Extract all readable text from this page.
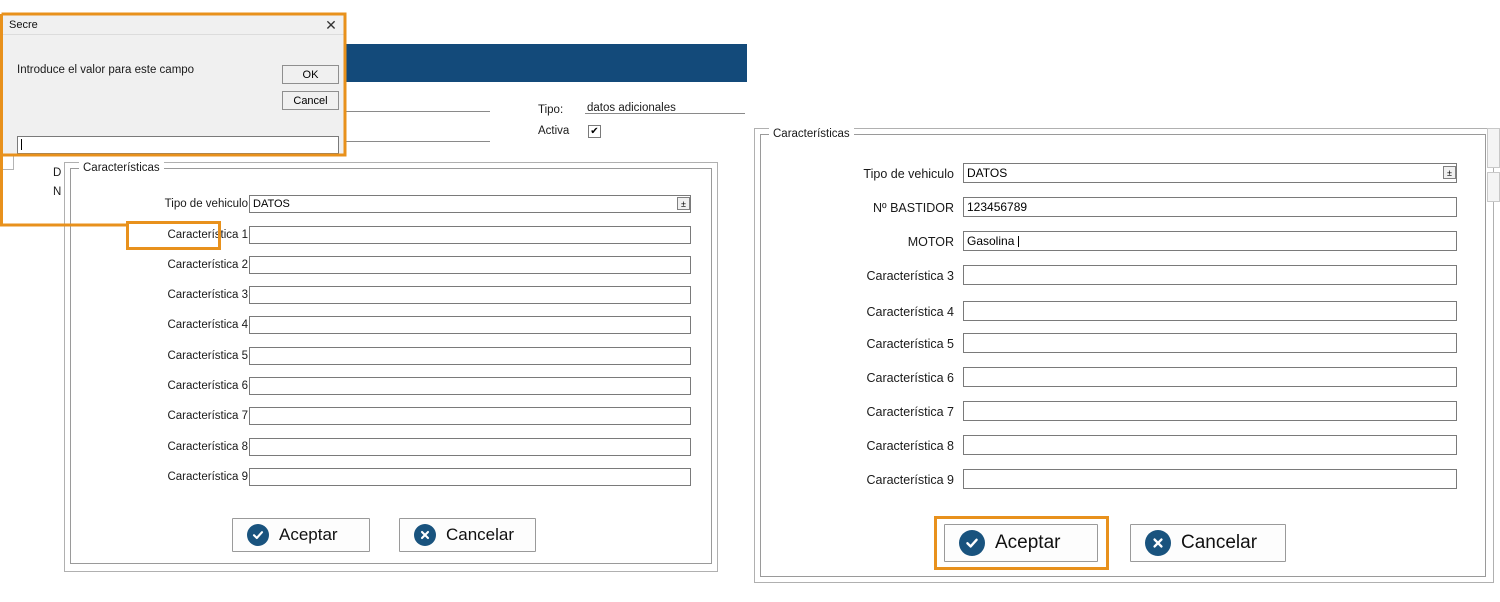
Tipo: datos adicionales
Activa ✔
D
N
Características
Tipo de vehiculo DATOS	±
Característica 1
Característica 2
Característica 3
Característica 4
Característica 5
Característica 6
Característica 7
Característica 8
Característica 9
Aceptar	Cancelar

Características
Tipo de vehiculo	DATOS	±
Nº BASTIDOR	123456789
MOTOR	Gasolina
Característica 3
Característica 4
Característica 5
Característica 6
Característica 7
Característica 8
Característica 9
Aceptar	Cancelar
Secre	✕
Introduce el valor para este campo	OK
Cancel
